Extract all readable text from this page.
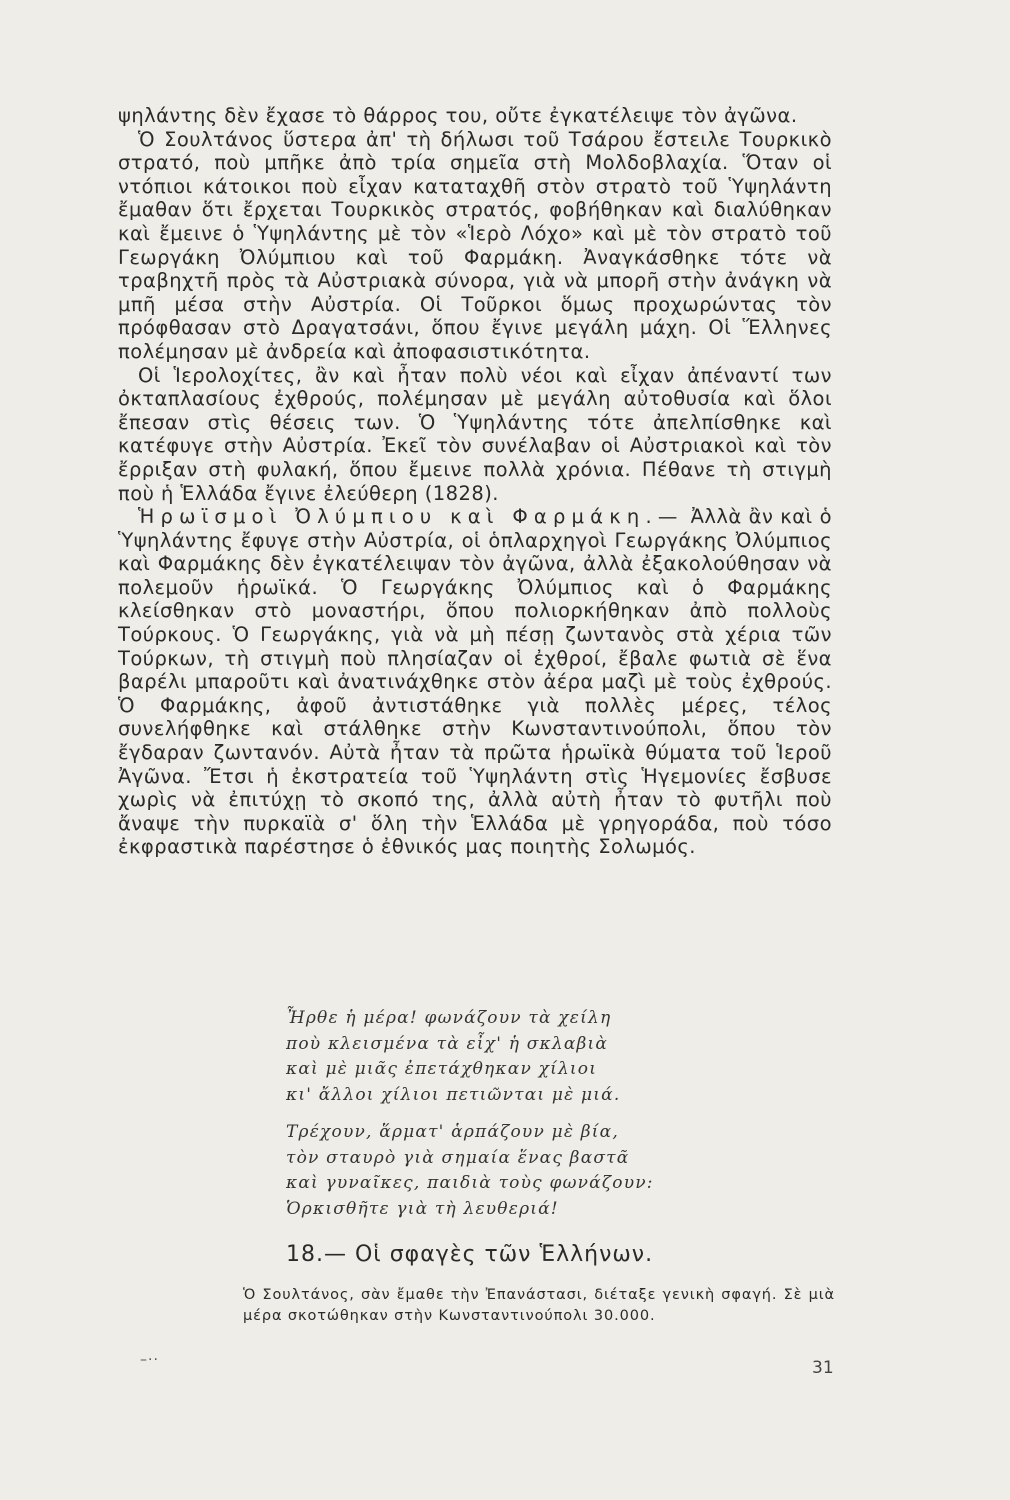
ψηλάντης δὲν ἔχασε τὸ θάρρος του, οὔτε ἐγκατέλειψε τὸν ἀγῶνα.

Ὁ Σουλτάνος ὕστερα ἀπ' τὴ δήλωσι τοῦ Τσάρου ἔστειλε Τουρκικὸ στρατό, ποὺ μπῆκε ἀπὸ τρία σημεῖα στὴ Μολδοβλαχία. Ὅταν οἱ ντόπιοι κάτοικοι ποὺ εἶχαν καταταχθῆ στὸν στρατὸ τοῦ Ὑψηλάντη ἔμαθαν ὅτι ἔρχεται Τουρκικὸς στρατός, φοβήθηκαν καὶ διαλύθηκαν καὶ ἔμεινε ὁ Ὑψηλάντης μὲ τὸν «Ἱερὸ Λόχο» καὶ μὲ τὸν στρατὸ τοῦ Γεωργάκη Ὀλύμπιου καὶ τοῦ Φαρμάκη. Ἀναγκάσθηκε τότε νὰ τραβηχτῆ πρὸς τὰ Αὐστριακὰ σύνορα, γιὰ νὰ μπορῆ στὴν ἀνάγκη νὰ μπῆ μέσα στὴν Αὐστρία. Οἱ Τοῦρκοι ὅμως προχωρώντας τὸν πρόφθασαν στὸ Δραγατσάνι, ὅπου ἔγινε μεγάλη μάχη. Οἱ Ἕλληνες πολέμησαν μὲ ἀνδρεία καὶ ἀποφασιστικότητα.

Οἱ Ἱερολοχίτες, ἂν καὶ ἦταν πολὺ νέοι καὶ εἶχαν ἀπέναντί των ὀκταπλασίους ἐχθρούς, πολέμησαν μὲ μεγάλη αὐτοθυσία καὶ ὅλοι ἔπεσαν στὶς θέσεις των. Ὁ Ὑψηλάντης τότε ἀπελπίσθηκε καὶ κατέφυγε στὴν Αὐστρία. Ἐκεῖ τὸν συνέλαβαν οἱ Αὐστριακοὶ καὶ τὸν ἔρριξαν στὴ φυλακή, ὅπου ἔμεινε πολλὰ χρόνια. Πέθανε τὴ στιγμὴ ποὺ ἡ Ἑλλάδα ἔγινε ἐλεύθερη (1828).

Ἡρωϊσμοὶ Ὀλύμπιου καὶ Φαρμάκη.— Ἀλλὰ ἂν καὶ ὁ Ὑψηλάντης ἔφυγε στὴν Αὐστρία, οἱ ὁπλαρχηγοὶ Γεωργάκης Ὀλύμπιος καὶ Φαρμάκης δὲν ἐγκατέλειψαν τὸν ἀγῶνα, ἀλλὰ ἐξακολούθησαν νὰ πολεμοῦν ἡρωϊκά. Ὁ Γεωργάκης Ὀλύμπιος καὶ ὁ Φαρμάκης κλείσθηκαν στὸ μοναστήρι, ὅπου πολιορκήθηκαν ἀπὸ πολλοὺς Τούρκους. Ὁ Γεωργάκης, γιὰ νὰ μὴ πέσῃ ζωντανὸς στὰ χέρια τῶν Τούρκων, τὴ στιγμὴ ποὺ πλησίαζαν οἱ ἐχθροί, ἔβαλε φωτιὰ σὲ ἕνα βαρέλι μπαροῦτι καὶ ἀνατινάχθηκε στὸν ἀέρα μαζὶ μὲ τοὺς ἐχθρούς. Ὁ Φαρμάκης, ἀφοῦ ἀντιστάθηκε γιὰ πολλὲς μέρες, τέλος συνελήφθηκε καὶ στάλθηκε στὴν Κωνσταντινούπολι, ὅπου τὸν ἔγδαραν ζωντανόν. Αὐτὰ ἦταν τὰ πρῶτα ἡρωϊκὰ θύματα τοῦ Ἱεροῦ Ἀγῶνα. Ἔτσι ἡ ἐκστρατεία τοῦ Ὑψηλάντη στὶς Ἡγεμονίες ἔσβυσε χωρὶς νὰ ἐπιτύχῃ τὸ σκοπό της, ἀλλὰ αὐτὴ ἦταν τὸ φυτῆλι ποὺ ἄναψε τὴν πυρκαϊὰ σ' ὅλη τὴν Ἑλλάδα μὲ γρηγοράδα, ποὺ τόσο ἐκφραστικὰ παρέστησε ὁ ἐθνικός μας ποιητὴς Σολωμός.

Ἦρθε ἡ μέρα! φωνάζουν τὰ χείλη
ποὺ κλεισμένα τὰ εἶχ' ἡ σκλαβιὰ
καὶ μὲ μιᾶς ἐπετάχθηκαν χίλιοι
κι' ἄλλοι χίλιοι πετιῶνται μὲ μιά.
Τρέχουν, ἅρματ' ἁρπάζουν μὲ βία,
τὸν σταυρὸ γιὰ σημαία ἕνας βαστᾶ
καὶ γυναῖκες, παιδιὰ τοὺς φωνάζουν:
Ὁρκισθῆτε γιὰ τὴ λευθεριά!
18.— Οἱ σφαγὲς τῶν Ἑλλήνων.

Ὁ Σουλτάνος, σὰν ἔμαθε τὴν Ἐπανάστασι, διέταξε γενικὴ σφαγή. Σὲ μιὰ μέρα σκοτώθηκαν στὴν Κωνσταντινούπολι 30.000.

–··	31
